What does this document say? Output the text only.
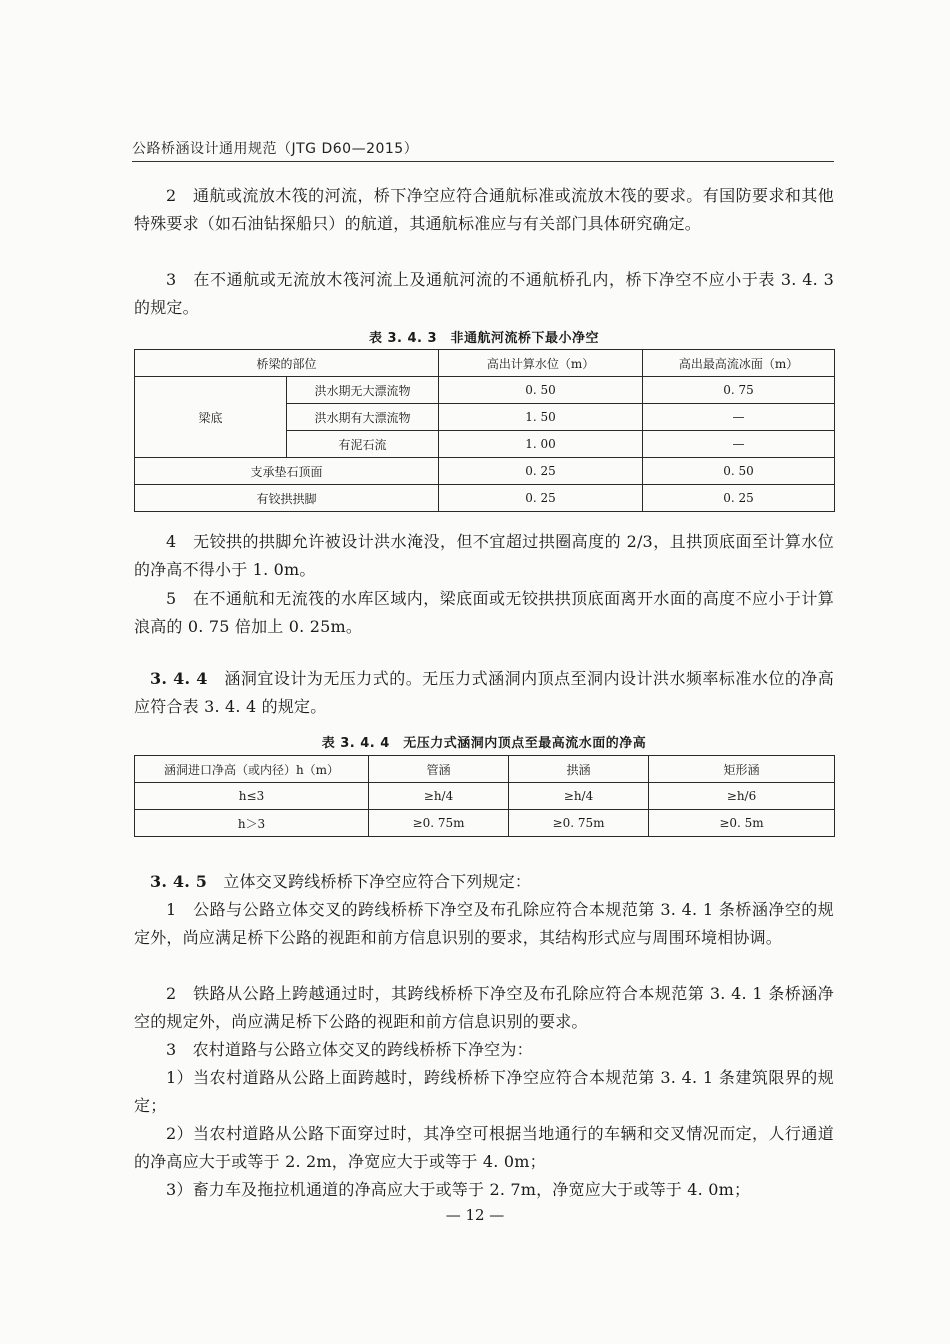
公路桥涵设计通用规范（JTG D60—2015）

2　通航或流放木筏的河流，桥下净空应符合通航标准或流放木筏的要求。有国防要求和其他特殊要求（如石油钻探船只）的航道，其通航标准应与有关部门具体研究确定。

3　在不通航或无流放木筏河流上及通航河流的不通航桥孔内，桥下净空不应小于表 3. 4. 3 的规定。

表 3. 4. 3　非通航河流桥下最小净空
桥梁的部位		高出计算水位（m）	高出最高流冰面（m）
梁底	洪水期无大漂流物	0. 50	0. 75
	洪水期有大漂流物	1. 50	—
	有泥石流	1. 00	—
支承垫石顶面		0. 25	0. 50
有铰拱拱脚		0. 25	0. 25

4　无铰拱的拱脚允许被设计洪水淹没，但不宜超过拱圈高度的 2/3，且拱顶底面至计算水位的净高不得小于 1. 0m。

5　在不通航和无流筏的水库区域内，梁底面或无铰拱拱顶底面离开水面的高度不应小于计算浪高的 0. 75 倍加上 0. 25m。

3. 4. 4　涵洞宜设计为无压力式的。无压力式涵洞内顶点至洞内设计洪水频率标准水位的净高应符合表 3. 4. 4 的规定。

表 3. 4. 4　无压力式涵洞内顶点至最高流水面的净高
涵洞进口净高（或内径）h（m）	管涵	拱涵	矩形涵
h≤3	≥h/4	≥h/4	≥h/6
h＞3	≥0. 75m	≥0. 75m	≥0. 5m

3. 4. 5　立体交叉跨线桥桥下净空应符合下列规定：

1　公路与公路立体交叉的跨线桥桥下净空及布孔除应符合本规范第 3. 4. 1 条桥涵净空的规定外，尚应满足桥下公路的视距和前方信息识别的要求，其结构形式应与周围环境相协调。

2　铁路从公路上跨越通过时，其跨线桥桥下净空及布孔除应符合本规范第 3. 4. 1 条桥涵净空的规定外，尚应满足桥下公路的视距和前方信息识别的要求。

3　农村道路与公路立体交叉的跨线桥桥下净空为：

1）当农村道路从公路上面跨越时，跨线桥桥下净空应符合本规范第 3. 4. 1 条建筑限界的规定；

2）当农村道路从公路下面穿过时，其净空可根据当地通行的车辆和交叉情况而定，人行通道的净高应大于或等于 2. 2m，净宽应大于或等于 4. 0m；

3）畜力车及拖拉机通道的净高应大于或等于 2. 7m，净宽应大于或等于 4. 0m；

— 12 —
